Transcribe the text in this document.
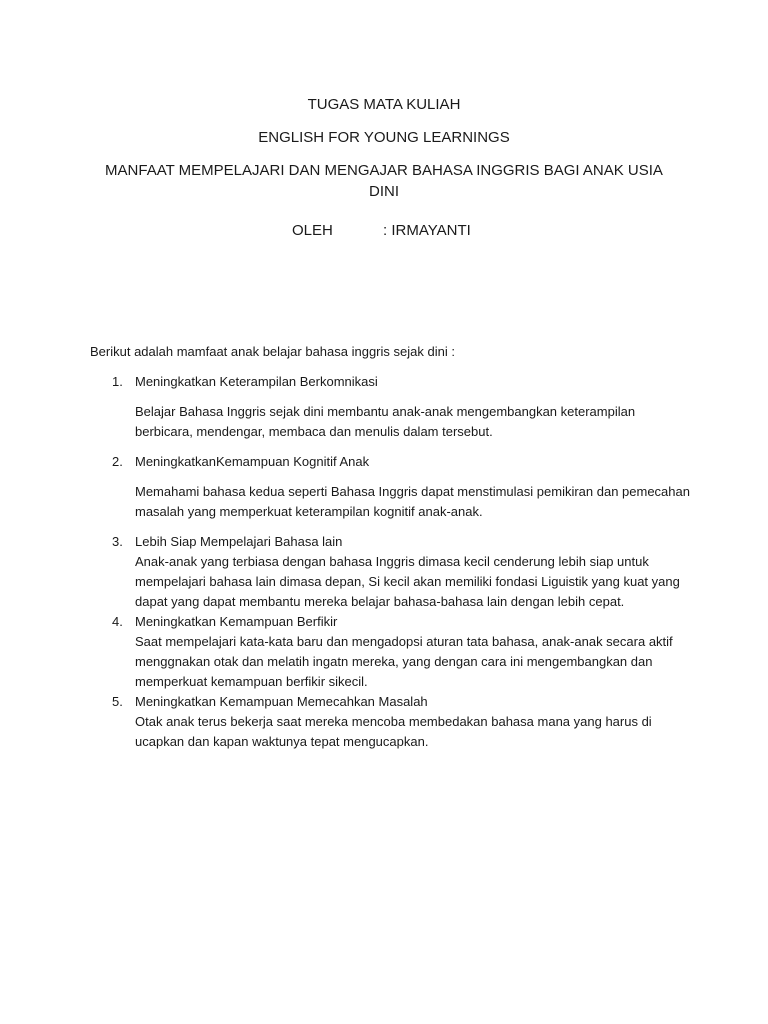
TUGAS MATA KULIAH

ENGLISH FOR YOUNG LEARNINGS

MANFAAT MEMPELAJARI DAN MENGAJAR BAHASA INGGRIS BAGI ANAK USIA DINI

OLEH	: IRMAYANTI

Berikut adalah mamfaat anak belajar bahasa inggris sejak dini :

1. Meningkatkan Keterampilan Berkomnikasi

Belajar Bahasa Inggris sejak dini membantu anak-anak mengembangkan keterampilan berbicara, mendengar, membaca dan menulis dalam tersebut.

2. MeningkatkanKemampuan Kognitif Anak

Memahami bahasa kedua seperti Bahasa Inggris dapat menstimulasi pemikiran dan pemecahan masalah yang memperkuat keterampilan kognitif anak-anak.

3. Lebih Siap Mempelajari Bahasa lain

Anak-anak yang terbiasa dengan bahasa Inggris dimasa kecil cenderung lebih siap untuk mempelajari bahasa lain dimasa depan, Si kecil akan memiliki fondasi Liguistik yang kuat yang dapat yang dapat membantu mereka belajar bahasa-bahasa lain dengan lebih cepat.

4. Meningkatkan Kemampuan Berfikir

Saat mempelajari kata-kata baru dan mengadopsi aturan tata bahasa, anak-anak secara aktif menggnakan otak dan melatih ingatn mereka, yang dengan cara ini mengembangkan dan memperkuat kemampuan berfikir sikecil.

5. Meningkatkan Kemampuan Memecahkan Masalah

Otak anak terus bekerja saat mereka mencoba membedakan bahasa mana yang harus di ucapkan dan kapan waktunya tepat mengucapkan.
